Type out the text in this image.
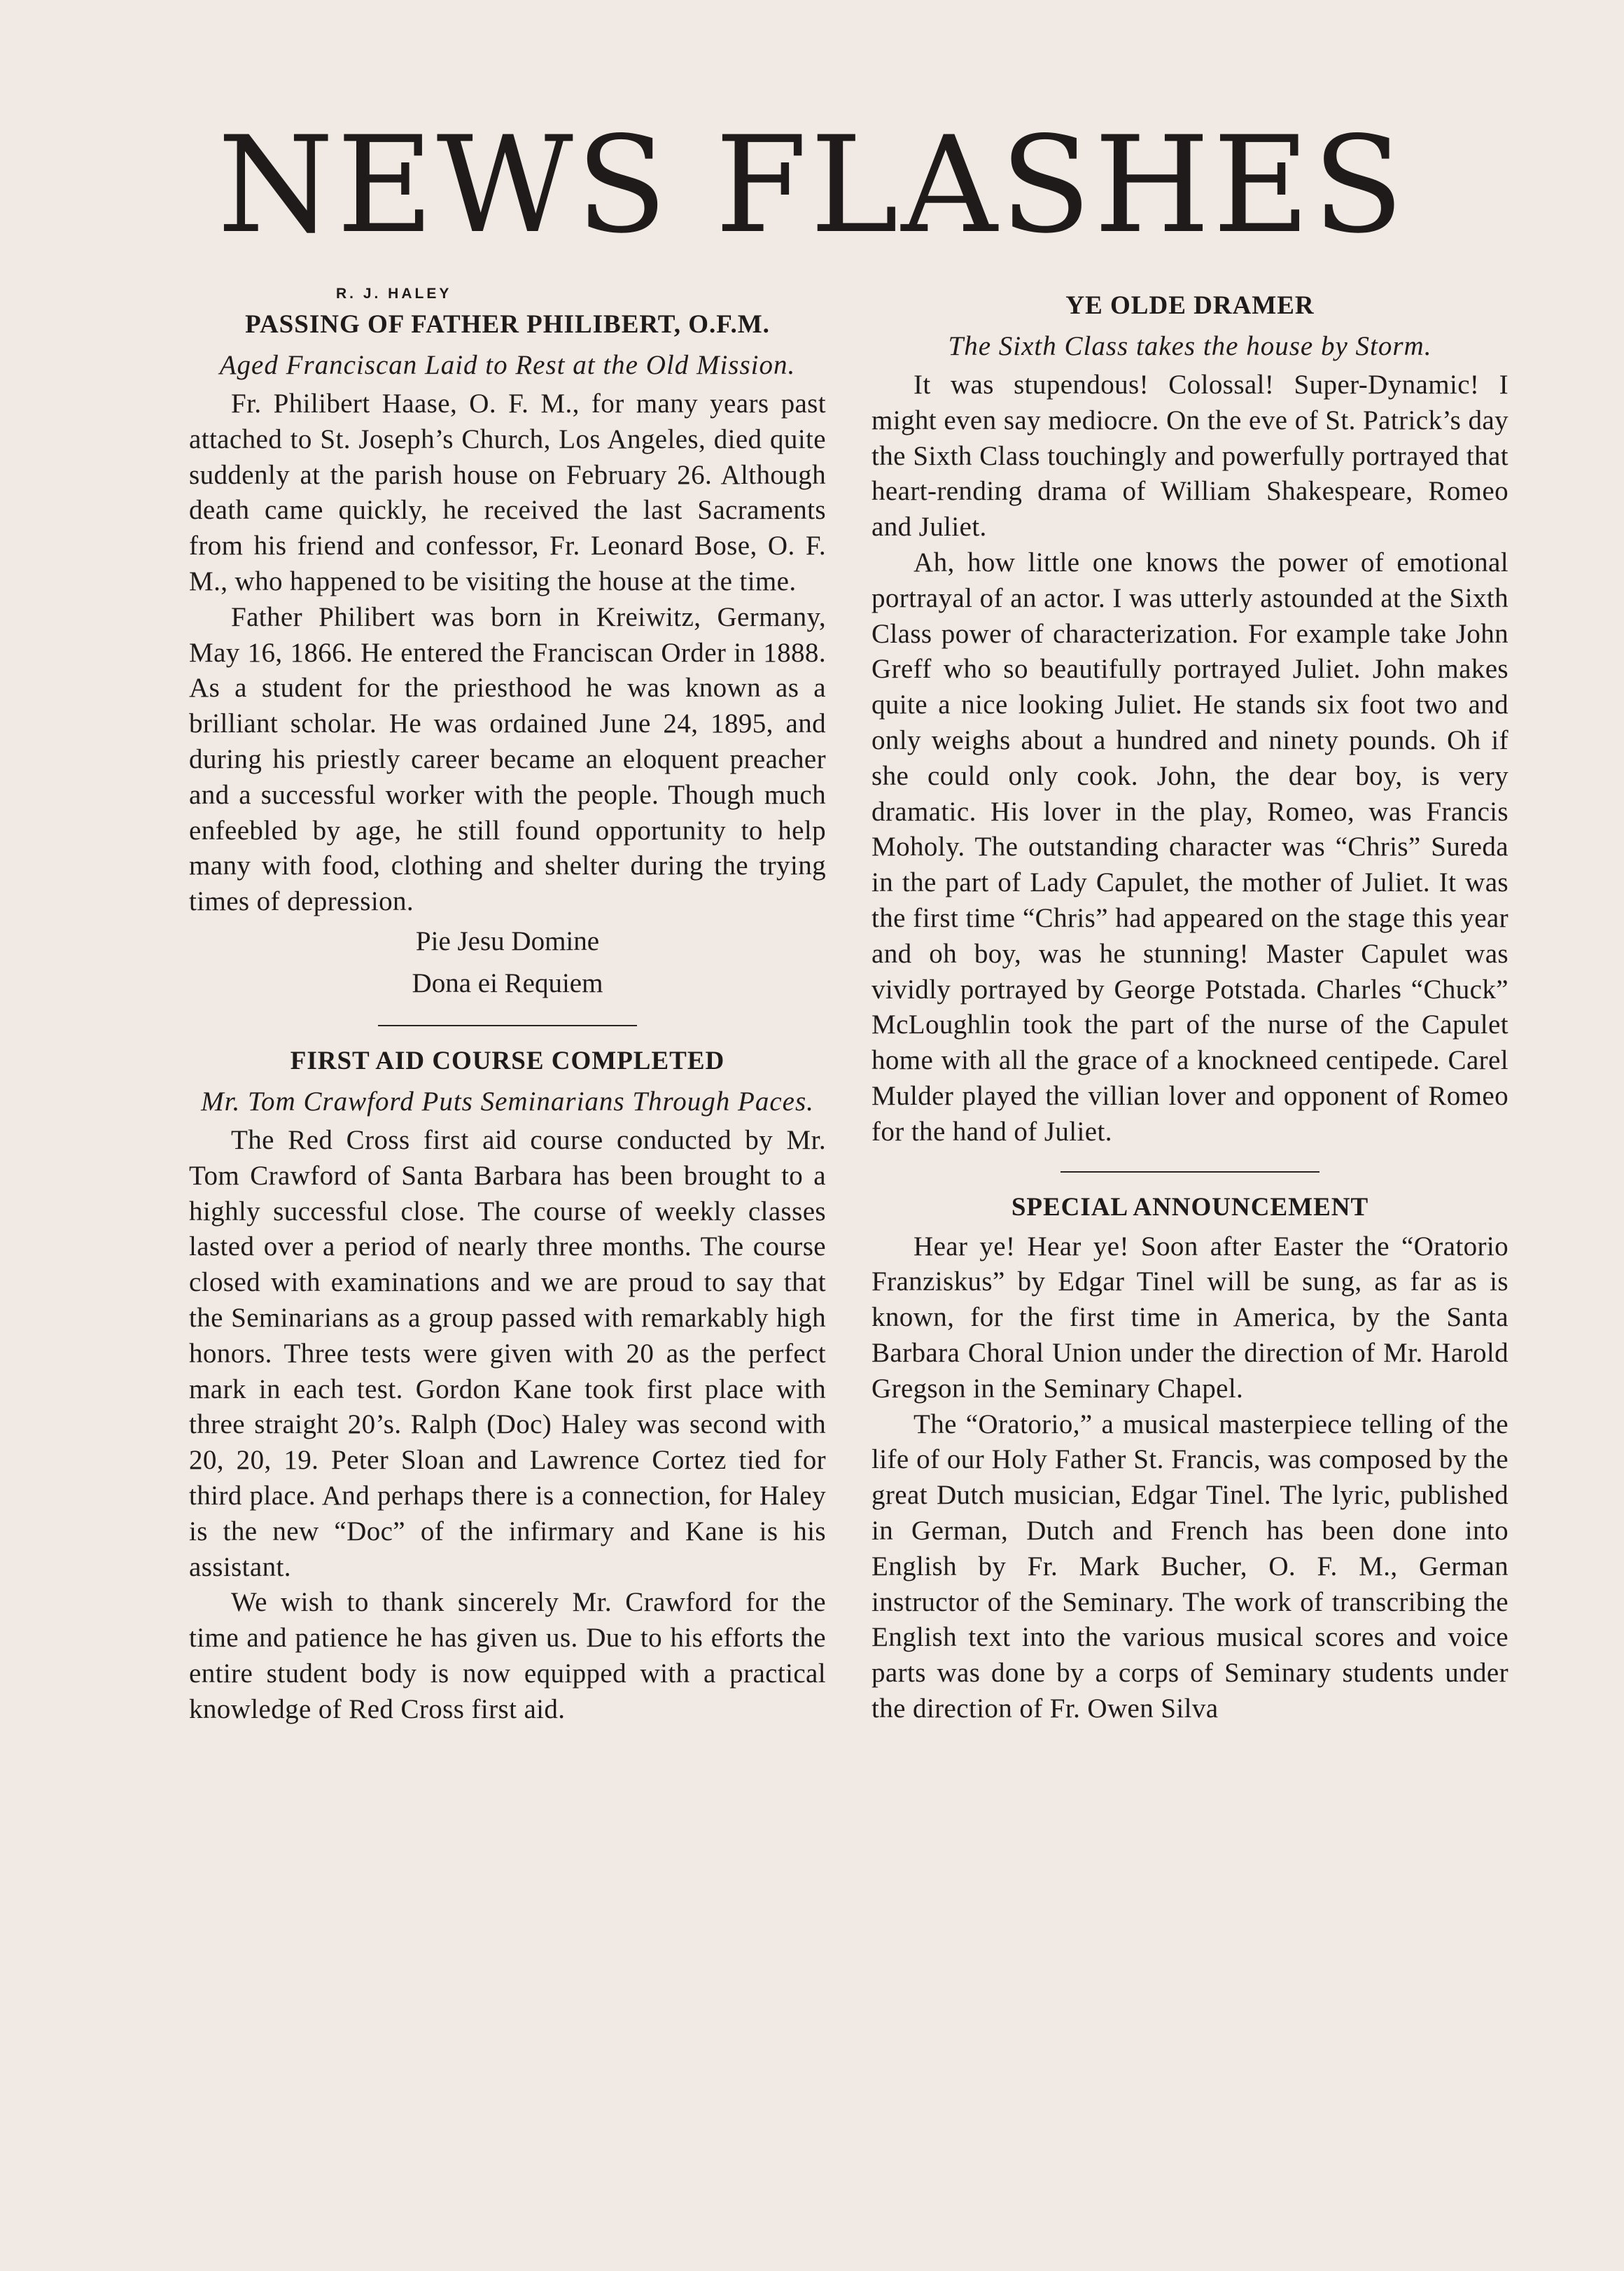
NEWS FLASHES
R. J. HALEY
PASSING OF FATHER PHILIBERT, O.F.M.
Aged Franciscan Laid to Rest at the Old Mission.

Fr. Philibert Haase, O. F. M., for many years past attached to St. Joseph’s Church, Los Angeles, died quite suddenly at the parish house on February 26. Although death came quickly, he received the last Sacraments from his friend and confessor, Fr. Leonard Bose, O. F. M., who happened to be visiting the house at the time.

Father Philibert was born in Kreiwitz, Germany, May 16, 1866. He entered the Franciscan Order in 1888. As a student for the priesthood he was known as a brilliant scholar. He was ordained June 24, 1895, and during his priestly career became an eloquent preacher and a successful worker with the people. Though much enfeebled by age, he still found opportunity to help many with food, clothing and shelter during the trying times of depression.

Pie Jesu Domine
Dona ei Requiem
FIRST AID COURSE COMPLETED
Mr. Tom Crawford Puts Seminarians Through Paces.

The Red Cross first aid course conducted by Mr. Tom Crawford of Santa Barbara has been brought to a highly successful close. The course of weekly classes lasted over a period of nearly three months. The course closed with examinations and we are proud to say that the Seminarians as a group passed with remarkably high honors. Three tests were given with 20 as the perfect mark in each test. Gordon Kane took first place with three straight 20’s. Ralph (Doc) Haley was second with 20, 20, 19. Peter Sloan and Lawrence Cortez tied for third place. And perhaps there is a connection, for Haley is the new “Doc” of the infirmary and Kane is his assistant.

We wish to thank sincerely Mr. Crawford for the time and patience he has given us. Due to his efforts the entire student body is now equipped with a practical knowledge of Red Cross first aid.

YE OLDE DRAMER
The Sixth Class takes the house by Storm.

It was stupendous! Colossal! Super-Dynamic! I might even say mediocre. On the eve of St. Patrick’s day the Sixth Class touchingly and powerfully portrayed that heart-rending drama of William Shakespeare, Romeo and Juliet.

Ah, how little one knows the power of emotional portrayal of an actor. I was utterly astounded at the Sixth Class power of characterization. For example take John Greff who so beautifully portrayed Juliet. John makes quite a nice looking Juliet. He stands six foot two and only weighs about a hundred and ninety pounds. Oh if she could only cook. John, the dear boy, is very dramatic. His lover in the play, Romeo, was Francis Moholy. The outstanding character was “Chris” Sureda in the part of Lady Capulet, the mother of Juliet. It was the first time “Chris” had appeared on the stage this year and oh boy, was he stunning! Master Capulet was vividly portrayed by George Potstada. Charles “Chuck” McLoughlin took the part of the nurse of the Capulet home with all the grace of a knockneed centipede. Carel Mulder played the villian lover and opponent of Romeo for the hand of Juliet.

SPECIAL ANNOUNCEMENT

Hear ye! Hear ye! Soon after Easter the “Oratorio Franziskus” by Edgar Tinel will be sung, as far as is known, for the first time in America, by the Santa Barbara Choral Union under the direction of Mr. Harold Gregson in the Seminary Chapel.

The “Oratorio,” a musical masterpiece telling of the life of our Holy Father St. Francis, was composed by the great Dutch musician, Edgar Tinel. The lyric, published in German, Dutch and French has been done into English by Fr. Mark Bucher, O. F. M., German instructor of the Seminary. The work of transcribing the English text into the various musical scores and voice parts was done by a corps of Seminary students under the direction of Fr. Owen Silva
